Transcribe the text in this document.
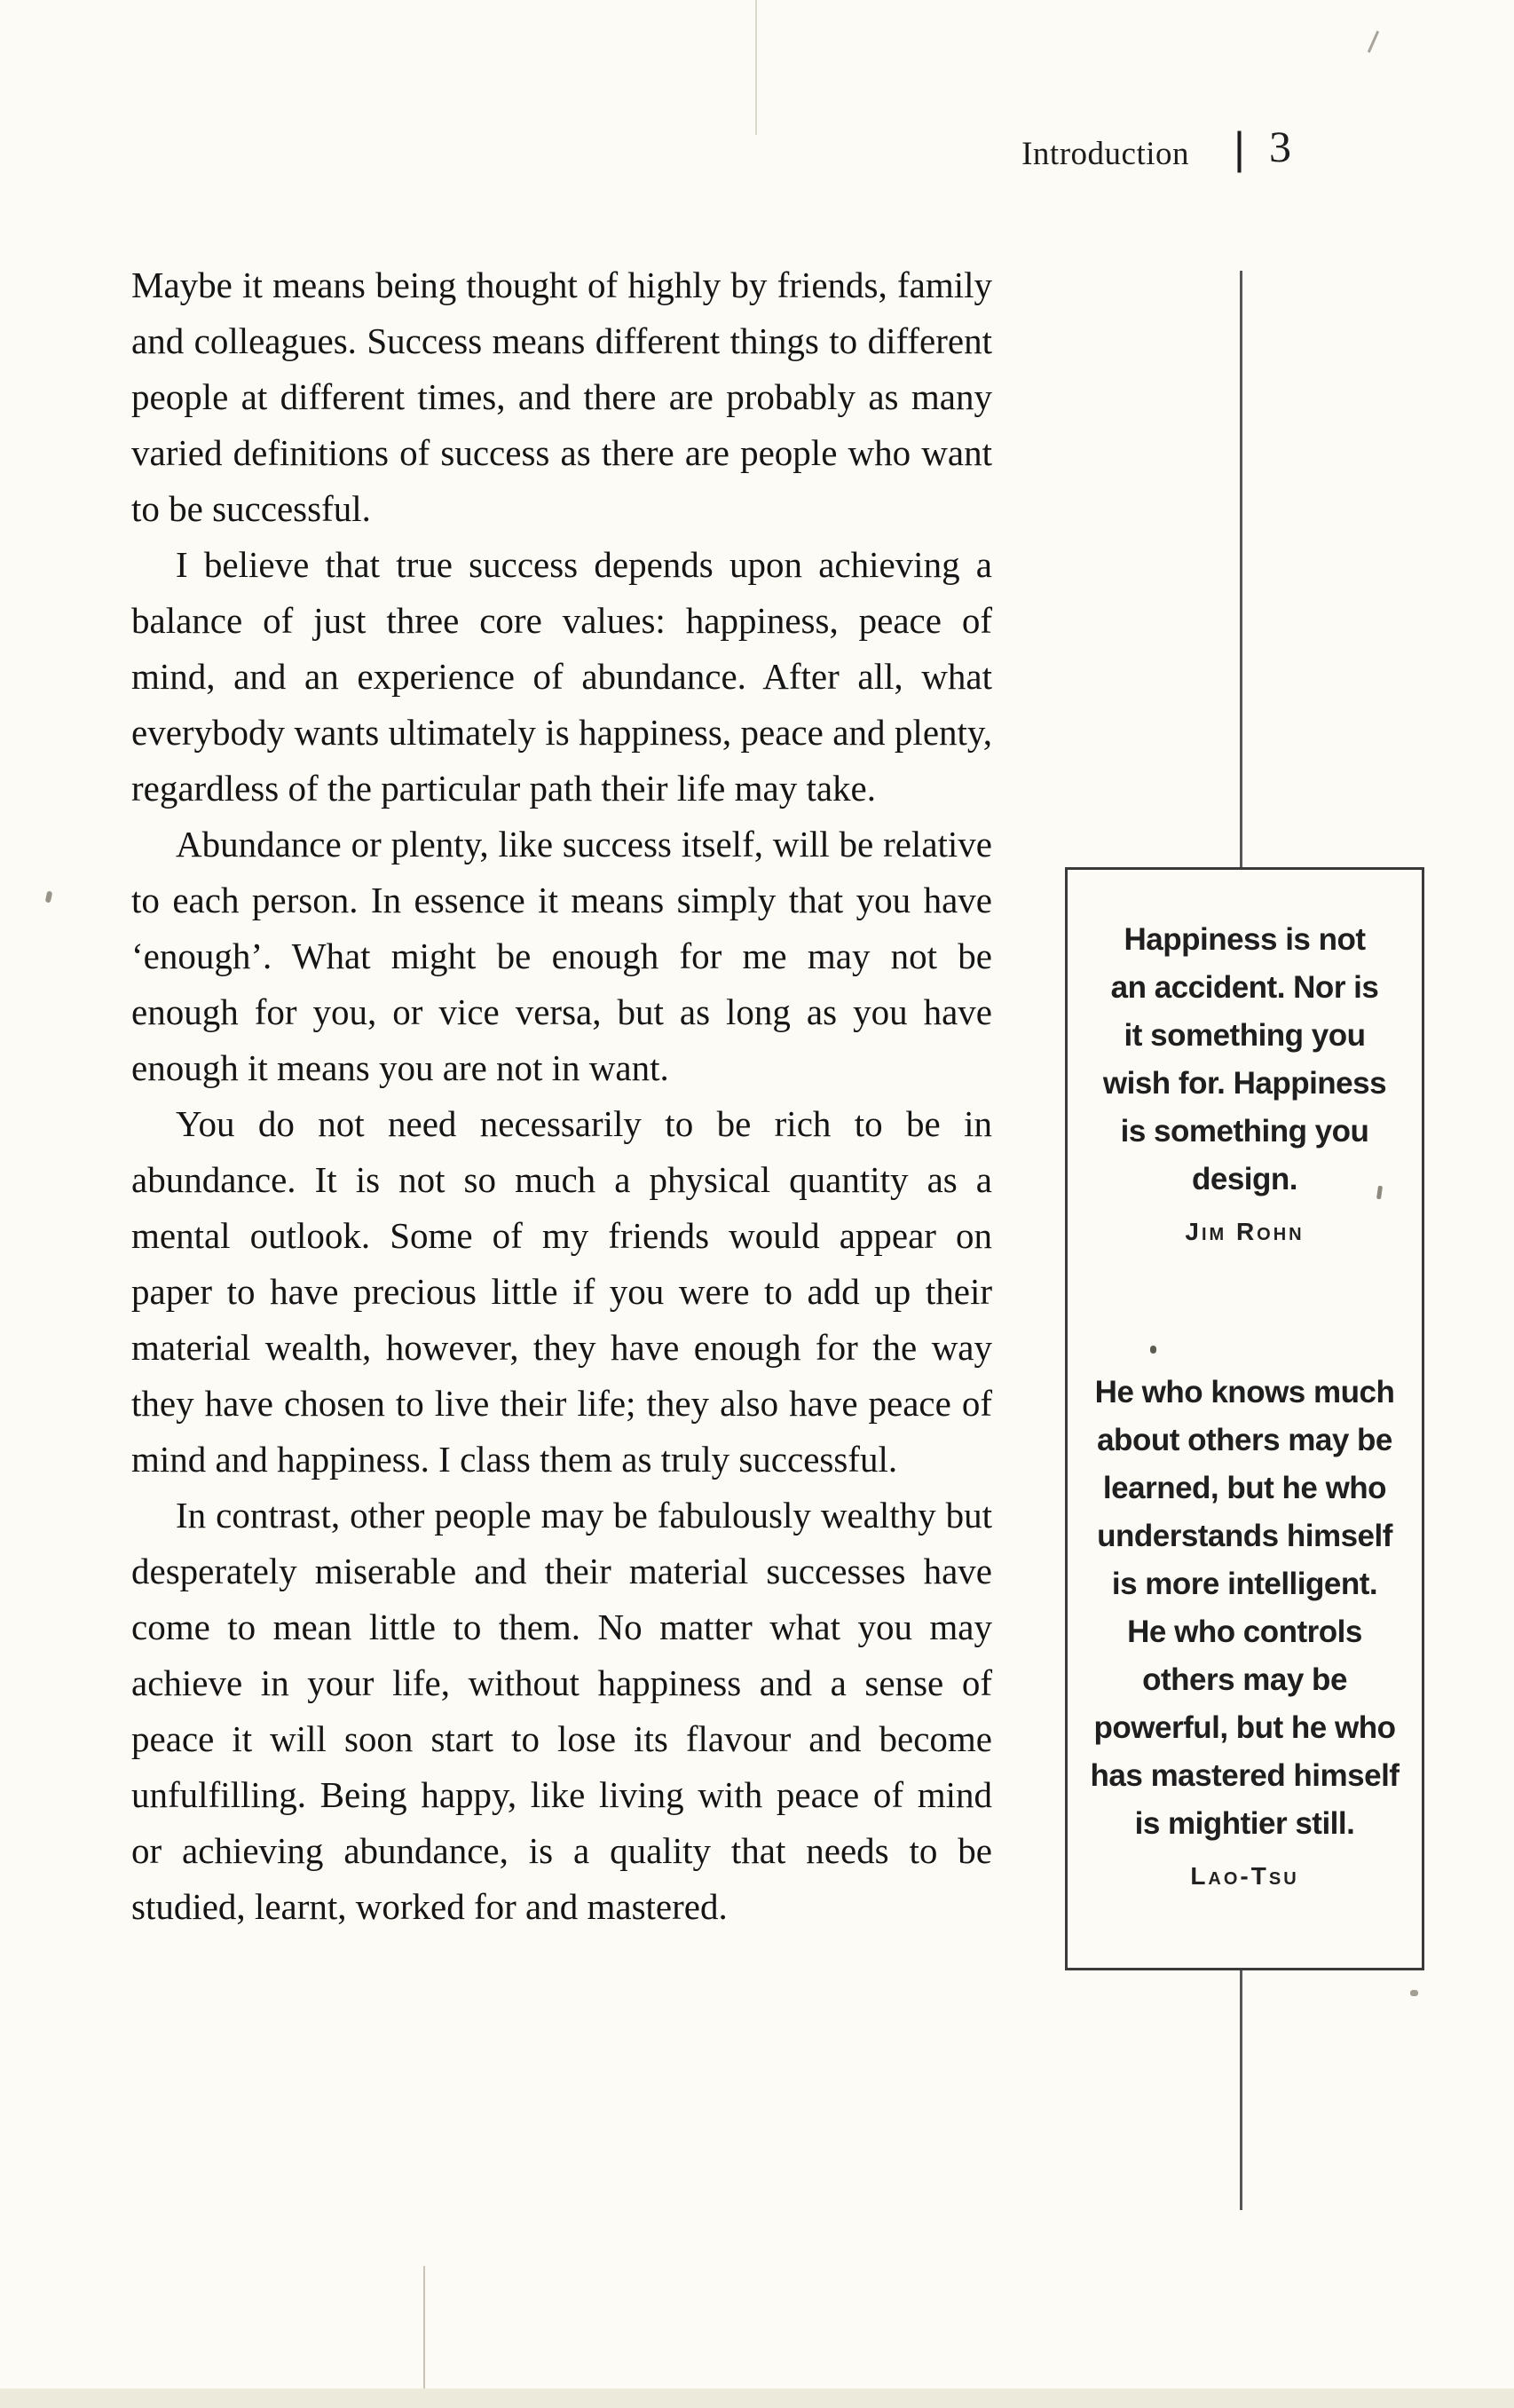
Introduction | 3

Maybe it means being thought of highly by friends, family and colleagues. Success means different things to different people at different times, and there are probably as many varied definitions of success as there are people who want to be successful.

I believe that true success depends upon achieving a balance of just three core values: happiness, peace of mind, and an experience of abundance. After all, what everybody wants ultimately is happiness, peace and plenty, regardless of the particular path their life may take.

Abundance or plenty, like success itself, will be relative to each person. In essence it means simply that you have ‘enough’. What might be enough for me may not be enough for you, or vice versa, but as long as you have enough it means you are not in want.

You do not need necessarily to be rich to be in abundance. It is not so much a physical quantity as a mental outlook. Some of my friends would appear on paper to have precious little if you were to add up their material wealth, however, they have enough for the way they have chosen to live their life; they also have peace of mind and happiness. I class them as truly successful.

In contrast, other people may be fabulously wealthy but desperately miserable and their material successes have come to mean little to them. No matter what you may achieve in your life, without happiness and a sense of peace it will soon start to lose its flavour and become unfulfilling. Being happy, like living with peace of mind or achieving abundance, is a quality that needs to be studied, learnt, worked for and mastered.

Happiness is not
an accident. Nor is
it something you
wish for. Happiness
is something you
design.
Jim Rohn
He who knows much
about others may be
learned, but he who
understands himself
is more intelligent.
He who controls
others may be
powerful, but he who
has mastered himself
is mightier still.
Lao-Tsu
